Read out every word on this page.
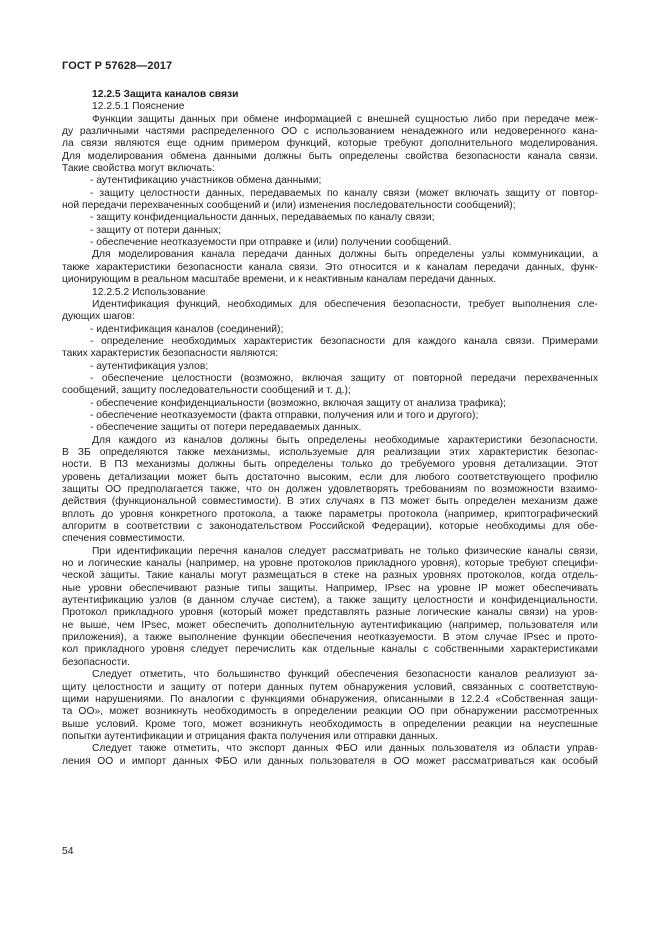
ГОСТ Р 57628—2017
12.2.5 Защита каналов связи
12.2.5.1 Пояснение
Функции защиты данных при обмене информацией с внешней сущностью либо при передаче меж-
ду различными частями распределенного ОО с использованием ненадежного или недоверенного кана-
ла связи являются еще одним примером функций, которые требуют дополнительного моделирования.
Для моделирования обмена данными должны быть определены свойства безопасности канала связи.
Такие свойства могут включать:
- аутентификацию участников обмена данными;
- защиту целостности данных, передаваемых по каналу связи (может включать защиту от повтор-
ной передачи перехваченных сообщений и (или) изменения последовательности сообщений);
- защиту конфиденциальности данных, передаваемых по каналу связи;
- защиту от потери данных;
- обеспечение неотказуемости при отправке и (или) получении сообщений.
Для моделирования канала передачи данных должны быть определены узлы коммуникации, а
также характеристики безопасности канала связи. Это относится и к каналам передачи данных, функ-
ционирующим в реальном масштабе времени, и к неактивным каналам передачи данных.
12.2.5.2 Использование
Идентификация функций, необходимых для обеспечения безопасности, требует выполнения сле-
дующих шагов:
- идентификация каналов (соединений);
- определение необходимых характеристик безопасности для каждого канала связи. Примерами
таких характеристик безопасности являются:
- аутентификация узлов;
- обеспечение целостности (возможно, включая защиту от повторной передачи перехваченных
сообщений, защиту последовательности сообщений и т. д.);
- обеспечение конфиденциальности (возможно, включая защиту от анализа трафика);
- обеспечение неотказуемости (факта отправки, получения или и того и другого);
- обеспечение защиты от потери передаваемых данных.
Для каждого из каналов должны быть определены необходимые характеристики безопасности.
В ЗБ определяются также механизмы, используемые для реализации этих характеристик безопас-
ности. В ПЗ механизмы должны быть определены только до требуемого уровня детализации. Этот
уровень детализации может быть достаточно высоким, если для любого соответствующего профилю
защиты ОО предполагается также, что он должен удовлетворять требованиям по возможности взаимо-
действия (функциональной совместимости). В этих случаях в ПЗ может быть определен механизм даже
вплоть до уровня конкретного протокола, а также параметры протокола (например, криптографический
алгоритм в соответствии с законодательством Российской Федерации), которые необходимы для обе-
спечения совместимости.
При идентификации перечня каналов следует рассматривать не только физические каналы связи,
но и логические каналы (например, на уровне протоколов прикладного уровня), которые требуют специфи-
ческой защиты. Такие каналы могут размещаться в стеке на разных уровнях протоколов, когда отдель-
ные уровни обеспечивают разные типы защиты. Например, IPsec на уровне IP может обеспечивать
аутентификацию узлов (в данном случае систем), а также защиту целостности и конфиденциальности.
Протокол прикладного уровня (который может представлять разные логические каналы связи) на уров-
не выше, чем IPsec, может обеспечить дополнительную аутентификацию (например, пользователя или
приложения), а также выполнение функции обеспечения неотказуемости. В этом случае IPsec и прото-
кол прикладного уровня следует перечислить как отдельные каналы с собственными характеристиками
безопасности.
Следует отметить, что большинство функций обеспечения безопасности каналов реализуют за-
щиту целостности и защиту от потери данных путем обнаружения условий, связанных с соответствую-
щими нарушениями. По аналогии с функциями обнаружения, описанными в 12.2.4 «Собственная защи-
та ОО», может возникнуть необходимость в определении реакции ОО при обнаружении рассмотренных
выше условий. Кроме того, может возникнуть необходимость в определении реакции на неуспешные
попытки аутентификации и отрицания факта получения или отправки данных.
Следует также отметить, что экспорт данных ФБО или данных пользователя из области управ-
ления ОО и импорт данных ФБО или данных пользователя в ОО может рассматриваться как особый
54
